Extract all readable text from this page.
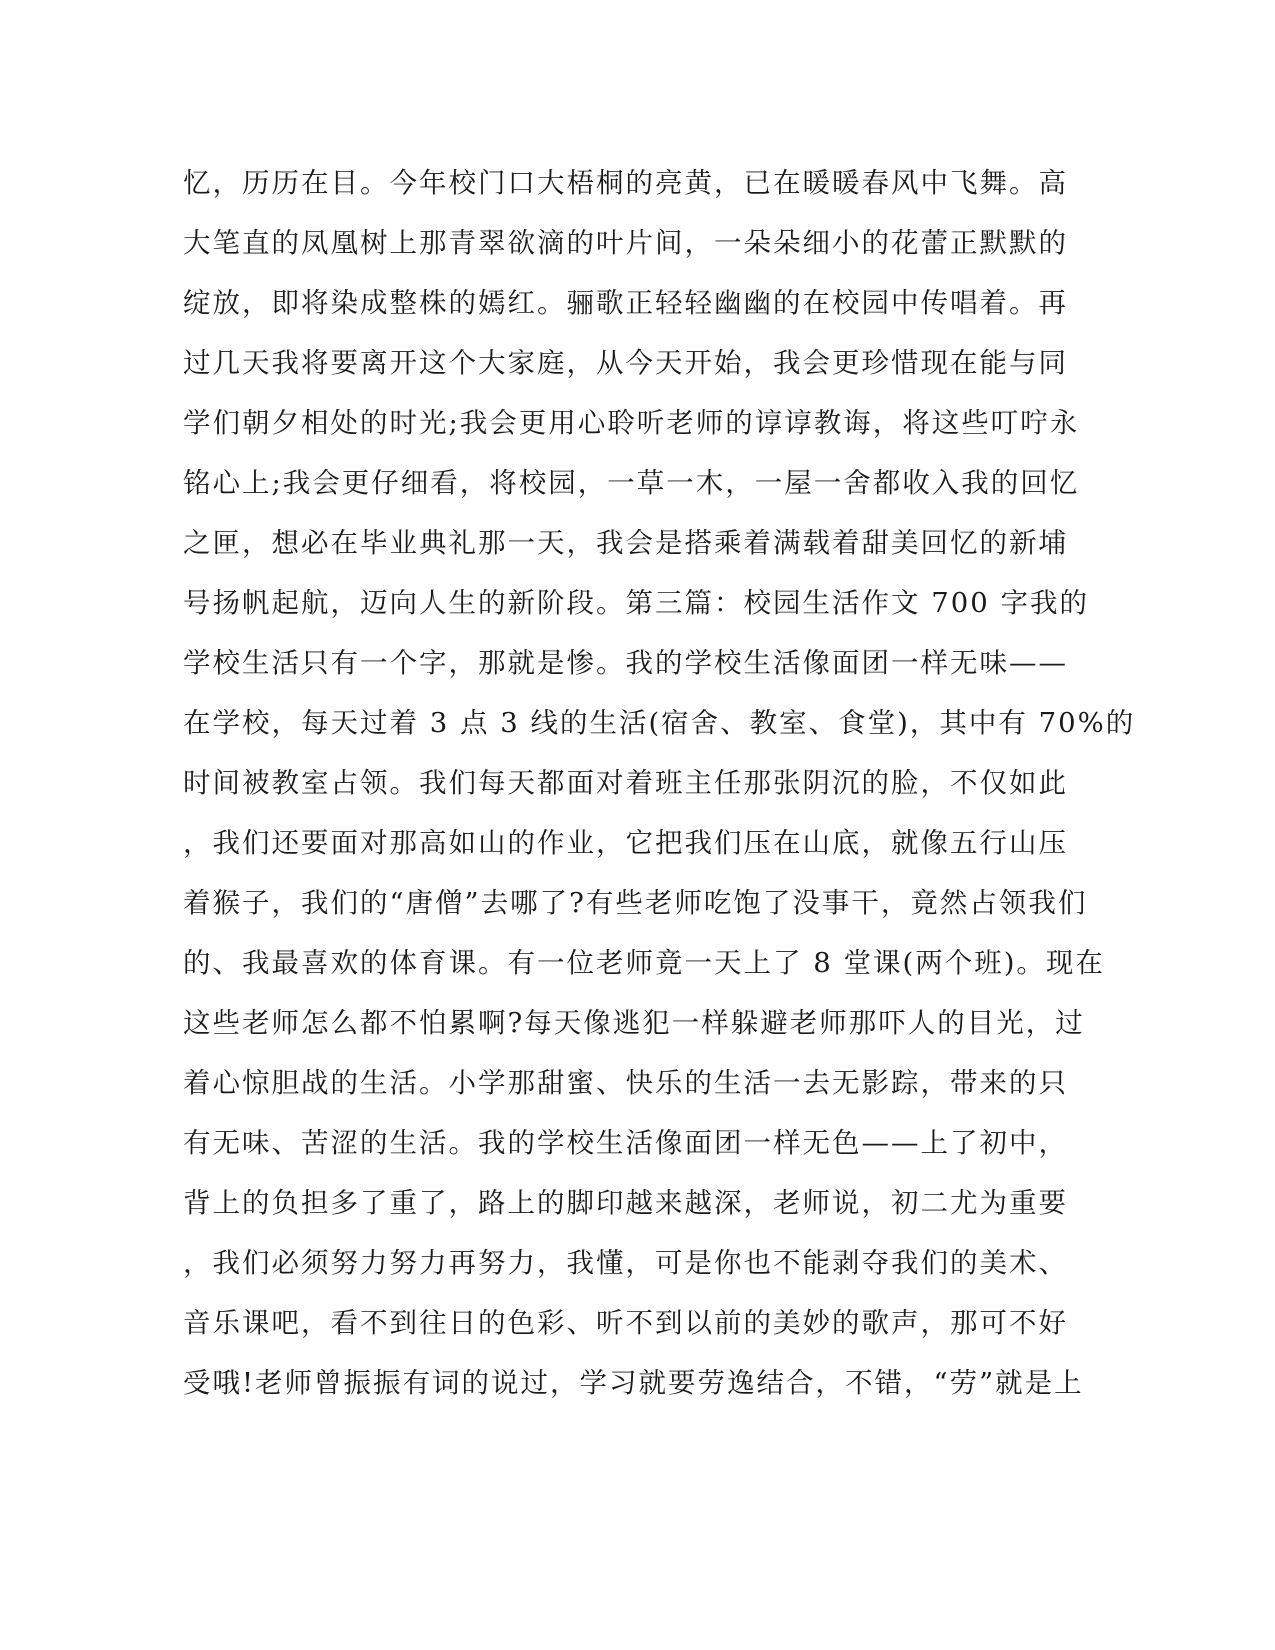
忆，历历在目。今年校门口大梧桐的亮黄，已在暖暖春风中飞舞。高
大笔直的凤凰树上那青翠欲滴的叶片间，一朵朵细小的花蕾正默默的
绽放，即将染成整株的嫣红。骊歌正轻轻幽幽的在校园中传唱着。再
过几天我将要离开这个大家庭，从今天开始，我会更珍惜现在能与同
学们朝夕相处的时光;我会更用心聆听老师的谆谆教诲，将这些叮咛永
铭心上;我会更仔细看，将校园，一草一木，一屋一舍都收入我的回忆
之匣，想必在毕业典礼那一天，我会是搭乘着满载着甜美回忆的新埔
号扬帆起航，迈向人生的新阶段。第三篇：校园生活作文 700 字我的
学校生活只有一个字，那就是惨。我的学校生活像面团一样无味——
在学校，每天过着 3 点 3 线的生活(宿舍、教室、食堂)，其中有 70%的
时间被教室占领。我们每天都面对着班主任那张阴沉的脸，不仅如此
，我们还要面对那高如山的作业，它把我们压在山底，就像五行山压
着猴子，我们的“唐僧”去哪了?有些老师吃饱了没事干，竟然占领我们
的、我最喜欢的体育课。有一位老师竟一天上了 8 堂课(两个班)。现在
这些老师怎么都不怕累啊?每天像逃犯一样躲避老师那吓人的目光，过
着心惊胆战的生活。小学那甜蜜、快乐的生活一去无影踪，带来的只
有无味、苦涩的生活。我的学校生活像面团一样无色——上了初中，
背上的负担多了重了，路上的脚印越来越深，老师说，初二尤为重要
，我们必须努力努力再努力，我懂，可是你也不能剥夺我们的美术、
音乐课吧，看不到往日的色彩、听不到以前的美妙的歌声，那可不好
受哦!老师曾振振有词的说过，学习就要劳逸结合，不错，“劳”就是上
